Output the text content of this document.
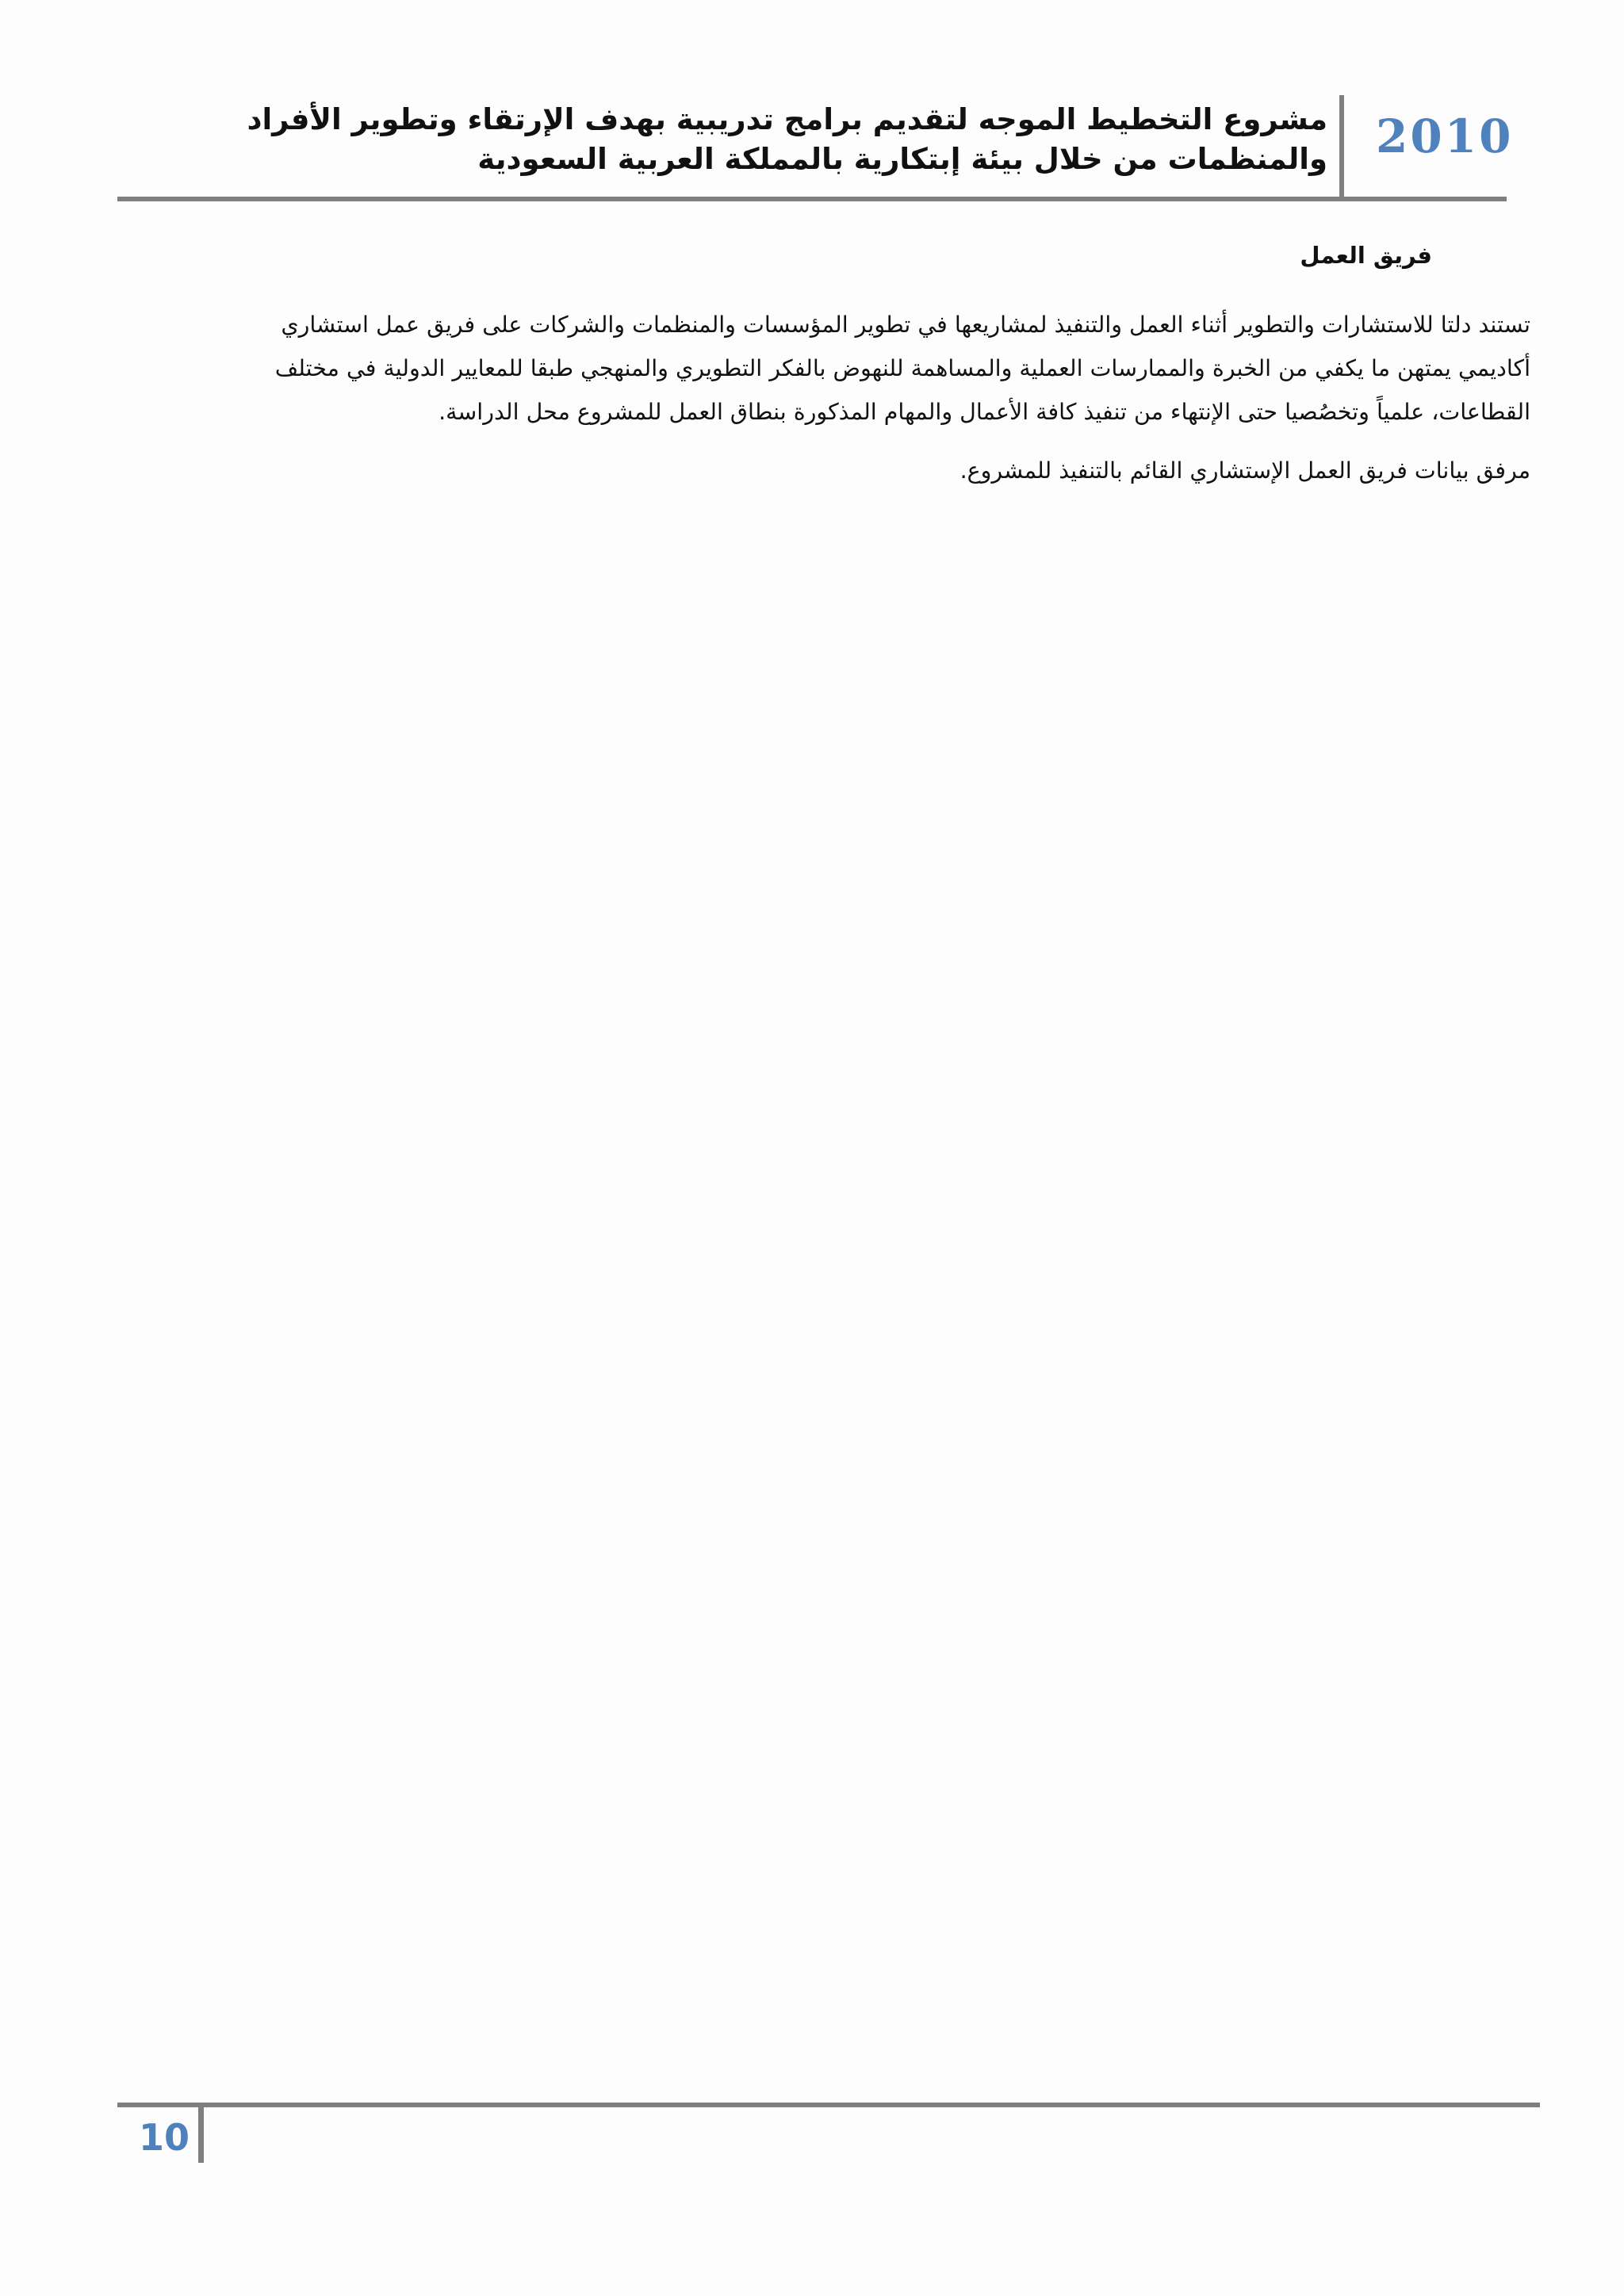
مشروع التخطيط الموجه لتقديم برامج تدريبية بهدف الإرتقاء وتطوير الأفراد والمنظمات من خلال بيئة إبتكارية بالمملكة العربية السعودية 2010
فريق العمل

تستند دلتا للاستشارات والتطوير أثناء العمل والتنفيذ لمشاريعها في تطوير المؤسسات والمنظمات والشركات على فريق عمل استشاري
أكاديمي يمتهن ما يكفي من الخبرة والممارسات العملية والمساهمة للنهوض بالفكر التطويري والمنهجي طبقا للمعايير الدولية في مختلف
القطاعات، علمياً وتخصُصيا حتى الإنتهاء من تنفيذ كافة الأعمال والمهام المذكورة بنطاق العمل للمشروع محل الدراسة.

مرفق بيانات فريق العمل الإستشاري القائم بالتنفيذ للمشروع.
10
